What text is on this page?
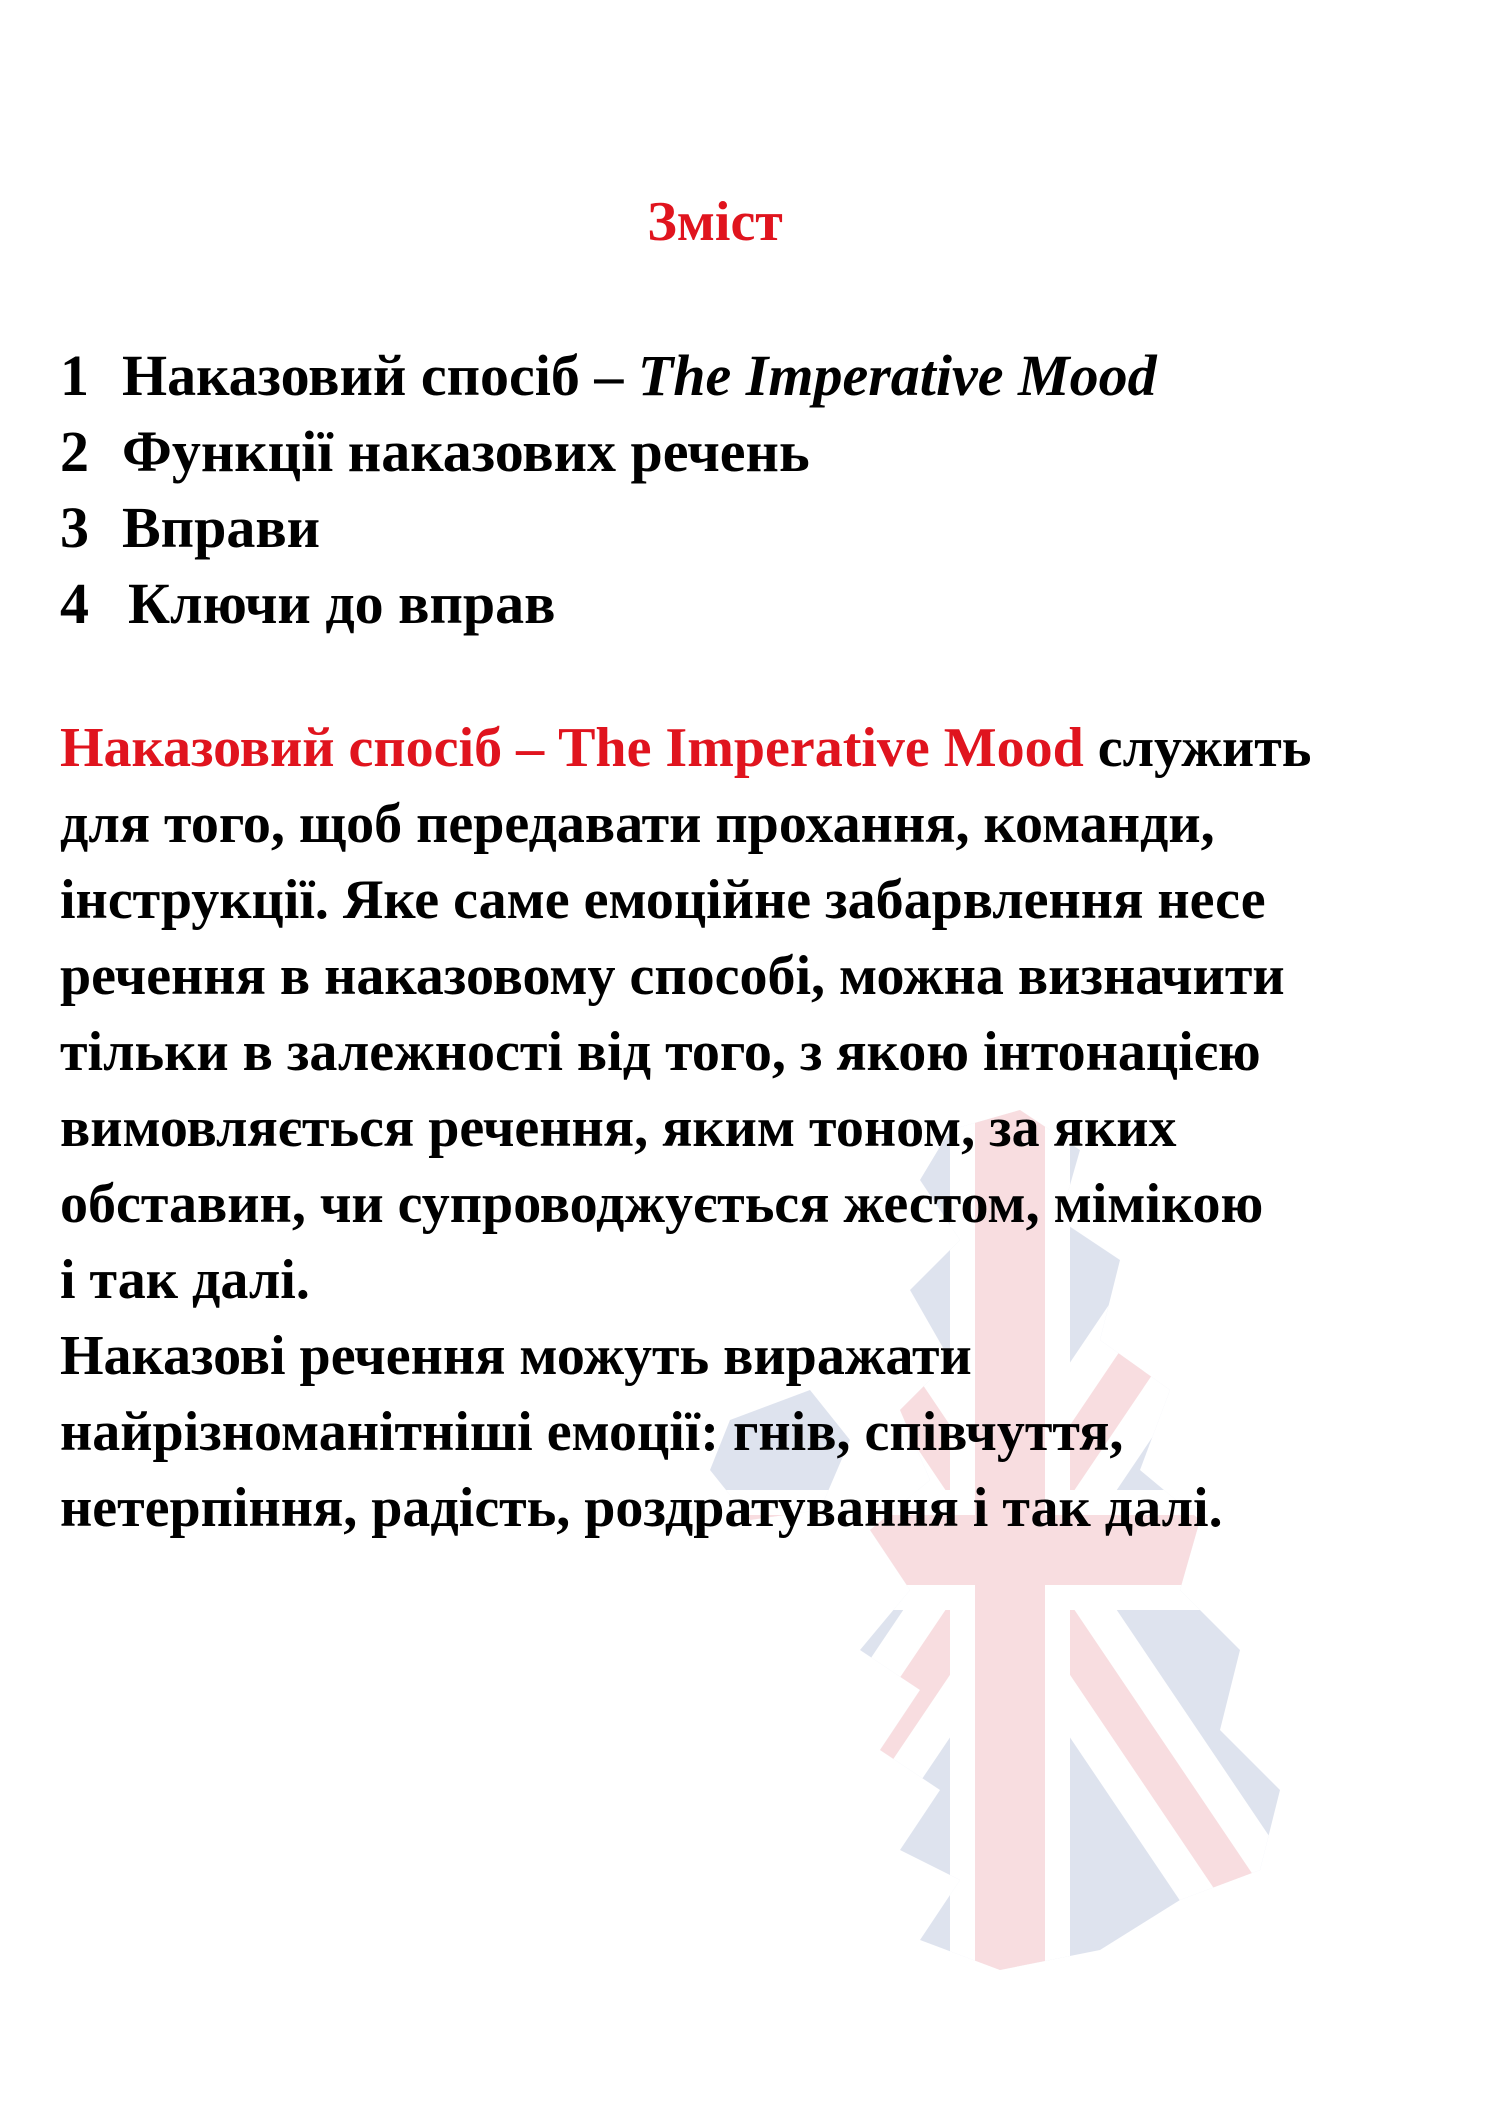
Зміст
1 Наказовий спосіб – The Imperative Mood
2 Функції наказових речень
3 Вправи
4 Ключи до вправ

Наказовий спосіб – The Imperative Mood служить
для того, щоб передавати прохання, команди,
інструкції. Яке саме емоційне забарвлення несе
речення в наказовому способі, можна визначити
тільки в залежності від того, з якою інтонацією
вимовляється речення, яким тоном, за яких
обставин, чи супроводжується жестом, мімікою
і так далі.

Наказові речення можуть виражати
найрізноманітніші емоції: гнів, співчуття,
нетерпіння, радість, роздратування і так далі.
